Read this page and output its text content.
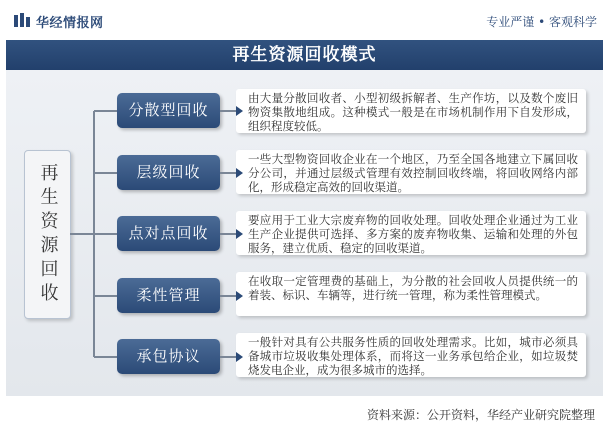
华经情报网	专业严谨 • 客观科学
再生资源回收模式
再生资源回收
分散型回收
由大量分散回收者、小型初级拆解者、生产作坊，以及数个废旧物资集散地组成。这种模式一般是在市场机制作用下自发形成，组织程度较低。
层级回收
一些大型物资回收企业在一个地区，乃至全国各地建立下属回收分公司，并通过层级式管理有效控制回收终端，将回收网络内部化，形成稳定高效的回收渠道。
点对点回收
要应用于工业大宗废弃物的回收处理。回收处理企业通过为工业生产企业提供可选择、多方案的废弃物收集、运输和处理的外包服务，建立优质、稳定的回收渠道。
柔性管理
在收取一定管理费的基础上，为分散的社会回收人员提供统一的着装、标识、车辆等，进行统一管理，称为柔性管理模式。
承包协议
一般针对具有公共服务性质的回收处理需求。比如，城市必须具备城市垃圾收集处理体系，而将这一业务承包给企业，如垃圾焚烧发电企业，成为很多城市的选择。
资料来源：公开资料，华经产业研究院整理
